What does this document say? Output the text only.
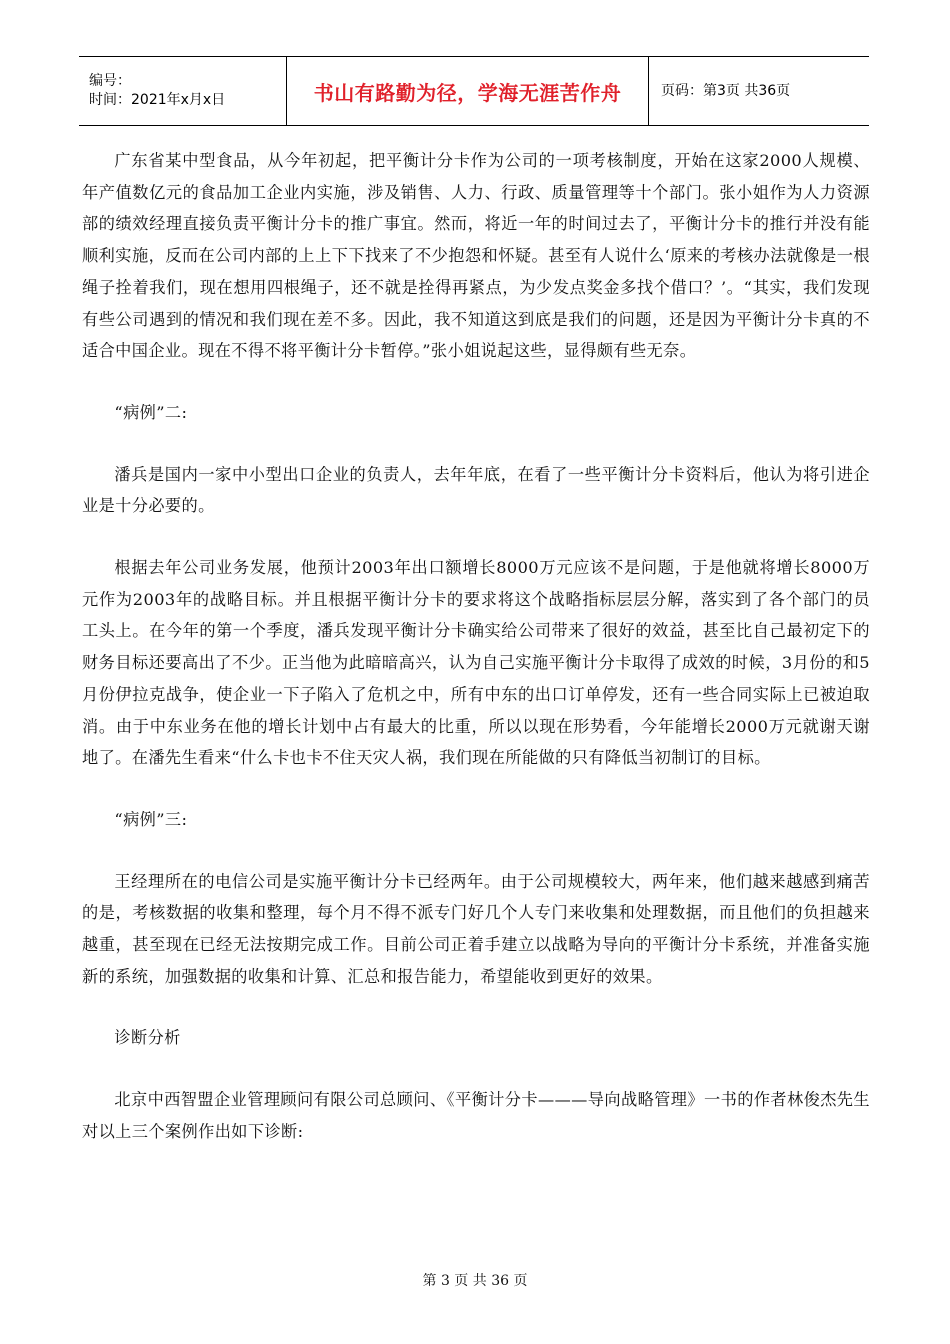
编号：
时间：2021年x月x日	书山有路勤为径，学海无涯苦作舟	页码：第3页 共36页

广东省某中型食品，从今年初起，把平衡计分卡作为公司的一项考核制度，开始在这家2000人规模、年产值数亿元的食品加工企业内实施，涉及销售、人力、行政、质量管理等十个部门。张小姐作为人力资源部的绩效经理直接负责平衡计分卡的推广事宜。然而，将近一年的时间过去了，平衡计分卡的推行并没有能顺利实施，反而在公司内部的上上下下找来了不少抱怨和怀疑。甚至有人说什么‘原来的考核办法就像是一根绳子拴着我们，现在想用四根绳子，还不就是拴得再紧点，为少发点奖金多找个借口？’。“其实，我们发现有些公司遇到的情况和我们现在差不多。因此，我不知道这到底是我们的问题，还是因为平衡计分卡真的不适合中国企业。现在不得不将平衡计分卡暂停。”张小姐说起这些，显得颇有些无奈。

“病例”二:

潘兵是国内一家中小型出口企业的负责人，去年年底，在看了一些平衡计分卡资料后，他认为将引进企业是十分必要的。

根据去年公司业务发展，他预计2003年出口额增长8000万元应该不是问题，于是他就将增长8000万元作为2003年的战略目标。并且根据平衡计分卡的要求将这个战略指标层层分解，落实到了各个部门的员工头上。在今年的第一个季度，潘兵发现平衡计分卡确实给公司带来了很好的效益，甚至比自己最初定下的财务目标还要高出了不少。正当他为此暗暗高兴，认为自己实施平衡计分卡取得了成效的时候，3月份的和5月份伊拉克战争，使企业一下子陷入了危机之中，所有中东的出口订单停发，还有一些合同实际上已被迫取消。由于中东业务在他的增长计划中占有最大的比重，所以以现在形势看，今年能增长2000万元就谢天谢地了。在潘先生看来“什么卡也卡不住天灾人祸，我们现在所能做的只有降低当初制订的目标。

“病例”三:

王经理所在的电信公司是实施平衡计分卡已经两年。由于公司规模较大，两年来，他们越来越感到痛苦的是，考核数据的收集和整理，每个月不得不派专门好几个人专门来收集和处理数据，而且他们的负担越来越重，甚至现在已经无法按期完成工作。目前公司正着手建立以战略为导向的平衡计分卡系统，并准备实施新的系统，加强数据的收集和计算、汇总和报告能力，希望能收到更好的效果。

诊断分析

北京中西智盟企业管理顾问有限公司总顾问、《平衡计分卡———导向战略管理》一书的作者林俊杰先生对以上三个案例作出如下诊断:

第 3 页 共 36 页
